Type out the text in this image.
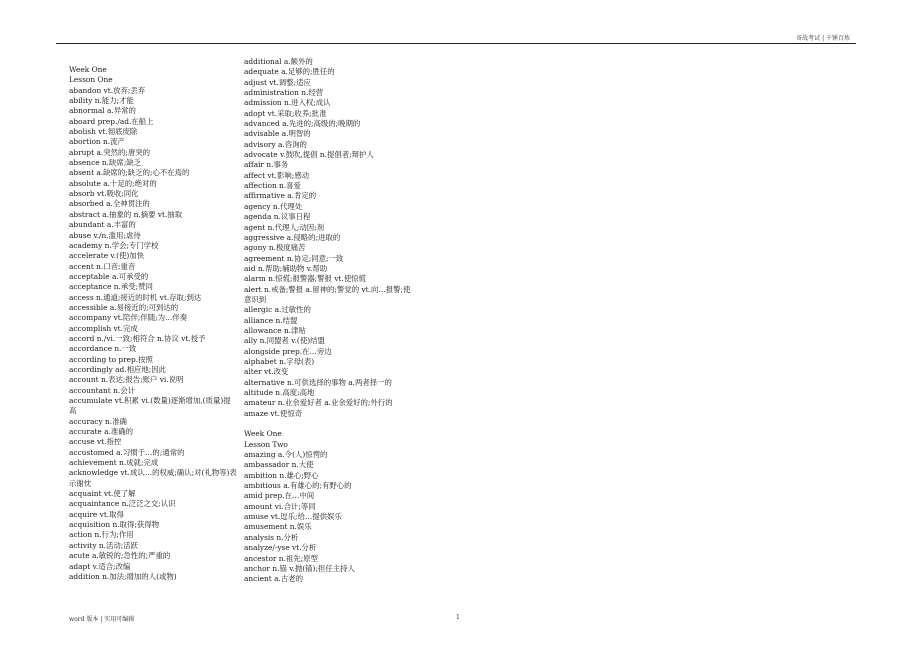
备战考试 | 千锤百炼
Week One
Lesson One
abandon vt.放弃;丢弃
ability n.能力;才能
abnormal a.异常的
aboard prep./ad.在船上
abolish vt.彻底废除
abortion n.流产
abrupt a.突然的;唐突的
absence n.缺席;缺乏
absent a.缺席的;缺乏的;心不在焉的
absolute a.十足的;绝对的
absorb vt.吸收;同化
absorbed a.全神贯注的
abstract a.抽象的 n.摘要 vt.抽取
abundant a.丰富的
abuse v./n.滥用;虐待
academy n.学会;专门学校
accelerate v.(使)加快
accent n.口音;重音
acceptable a.可承受的
acceptance n.承受;赞同
access n.通道;接近的时机 vt.存取;到达
accessible a.易接近的;可到达的
accompany vt.陪伴;伴随;为…伴奏
accomplish vt.完成
accord n./vi.一致;相符合 n.协议 vt.授予
accordance n.一致
according to prep.按照
accordingly ad.相应地;因此
account n.表达;报告;账户 vi.说明
accountant n.会计
accumulate vt.积累 vi.(数量)逐渐增加,(质量)提高
accuracy n.准确
accurate a.准确的
accuse vt.指控
accustomed a.习惯于…的;通常的
achievement n.成就;完成
acknowledge vt.成认…的权威;确认;对(礼物等)表示谢忱
acquaint vt.使了解
acquaintance n.泛泛之交;认识
acquire vt.取得
acquisition n.取得;获得物
action n.行为;作用
activity n.活动;活跃
acute a.敏锐的;急性的;严重的
adapt v.适合;改编
addition n.加法;增加的人(或物)
additional a.额外的
adequate a.足够的;胜任的
adjust vt.调整;适应
administration n.经营
admission n.进入权;成认
adopt vt.采取;收养;批准
advanced a.先进的;高级的;晚期的
advisable a.明智的
advisory a.咨询的
advocate v.鼓吹,提倡 n.提倡者;辩护人
affair n.事务
affect vt.影响;感动
affection n.喜爱
affirmative a.肯定的
agency n.代理处
agenda n.议事日程
agent n.代理人;动因;剂
aggressive a.侵略的;进取的
agony n.极度痛苦
agreement n.协定;同意;一致
aid n.帮助;辅助物 v.帮助
alarm n.惊慌;报警器;警报 vt.使惊慌
alert n.戒备;警报 a.留神的;警觉的 vt.向…报警;使意识到
allergic a.过敏性的
alliance n.结盟
allowance n.津贴
ally n.同盟者 v.(使)结盟
alongside prep.在…旁边
alphabet n.字母(表)
alter vt.改变
alternative n.可供选择的事物 a.两者择一的
altitude n.高度;高地
amateur n.业余爱好者 a.业余爱好的;外行的
amaze vt.使惊奇
Week One
Lesson Two
amazing a.令(人)惊愕的
ambassador n.大使
ambition n.雄心;野心
ambitious a.有雄心的;有野心的
amid prep.在…中间
amount vi.合计;等同
amuse vt.逗乐;给…提供娱乐
amusement n.娱乐
analysis n.分析
analyze/-yse vt.分析
ancestor n.祖先;原型
anchor n.锚 v.抛(锚);担任主持人
ancient a.古老的
word 版本 | 实用可编辑	1
